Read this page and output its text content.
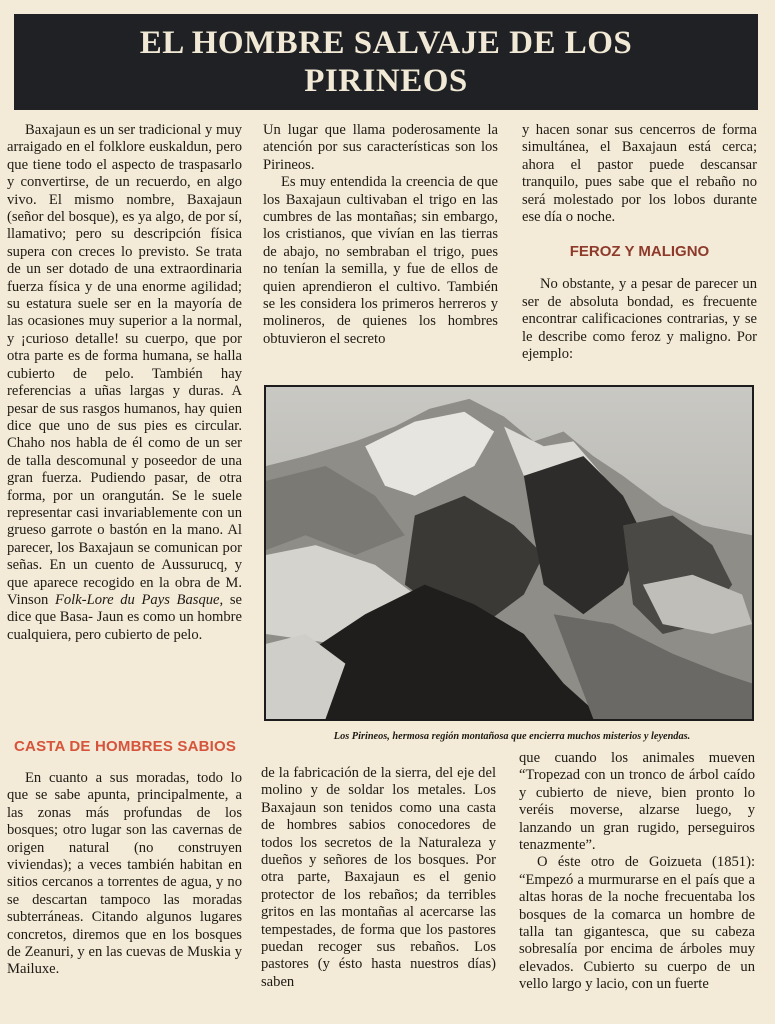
EL HOMBRE SALVAJE DE LOS
PIRINEOS

Baxajaun es un ser tradicional y muy arraigado en el folklore euskaldun, pero que tiene todo el aspecto de traspasarlo y convertirse, de un recuerdo, en algo vivo. El mismo nombre, Baxajaun (señor del bosque), es ya algo, de por sí, llamativo; pero su descripción física supera con creces lo previsto. Se trata de un ser dotado de una extraordinaria fuerza física y de una enorme agilidad; su estatura suele ser en la mayoría de las ocasiones muy superior a la normal, y ¡curioso detalle! su cuerpo, que por otra parte es de forma humana, se halla cubierto de pelo. También hay referencias a uñas largas y duras. A pesar de sus rasgos humanos, hay quien dice que uno de sus pies es circular. Chaho nos habla de él como de un ser de talla descomunal y poseedor de una gran fuerza. Pudiendo pasar, de otra forma, por un orangután. Se le suele representar casi invariablemente con un grueso garrote o bastón en la mano. Al parecer, los Baxajaun se comunican por señas. En un cuento de Aussurucq, y que aparece recogido en la obra de M. Vinson Folk-Lore du Pays Basque, se dice que Basa- Jaun es como un hombre cualquiera, pero cubierto de pelo.

Un lugar que llama poderosamente la atención por sus características son los Pirineos.

Es muy entendida la creencia de que los Baxajaun cultivaban el trigo en las cumbres de las montañas; sin embargo, los cristianos, que vivían en las tierras de abajo, no sembraban el trigo, pues no tenían la semilla, y fue de ellos de quien aprendieron el cultivo. También se les considera los primeros herreros y molineros, de quienes los hombres obtuvieron el secreto

y hacen sonar sus cencerros de forma simultánea, el Baxajaun está cerca; ahora el pastor puede descansar tranquilo, pues sabe que el rebaño no será molestado por los lobos durante ese día o noche.

No obstante, y a pesar de parecer un ser de absoluta bondad, es frecuente encontrar calificaciones contrarias, y se le describe como feroz y maligno. Por ejemplo:

FEROZ Y MALIGNO
Los Pirineos, hermosa región montañosa que encierra muchos misterios y leyendas.
CASTA DE HOMBRES SABIOS

En cuanto a sus moradas, todo lo que se sabe apunta, principalmente, a las zonas más profundas de los bosques; otro lugar son las cavernas de origen natural (no construyen viviendas); a veces también habitan en sitios cercanos a torrentes de agua, y no se descartan tampoco las moradas subterráneas. Citando algunos lugares concretos, diremos que en los bosques de Zeanuri, y en las cuevas de Muskia y Mailuxe.

de la fabricación de la sierra, del eje del molino y de soldar los metales. Los Baxajaun son tenidos como una casta de hombres sabios conocedores de todos los secretos de la Naturaleza y dueños y señores de los bosques. Por otra parte, Baxajaun es el genio protector de los rebaños; da terribles gritos en las montañas al acercarse las tempestades, de forma que los pastores puedan recoger sus rebaños. Los pastores (y ésto hasta nuestros días) saben

que cuando los animales mueven “Tropezad con un tronco de árbol caído y cubierto de nieve, bien pronto lo veréis moverse, alzarse luego, y lanzando un gran rugido, perseguiros tenazmente”.

O éste otro de Goizueta (1851): “Empezó a murmurarse en el país que a altas horas de la noche frecuentaba los bosques de la comarca un hombre de talla tan gigantesca, que su cabeza sobresalía por encima de árboles muy elevados. Cubierto su cuerpo de un vello largo y lacio, con un fuerte
